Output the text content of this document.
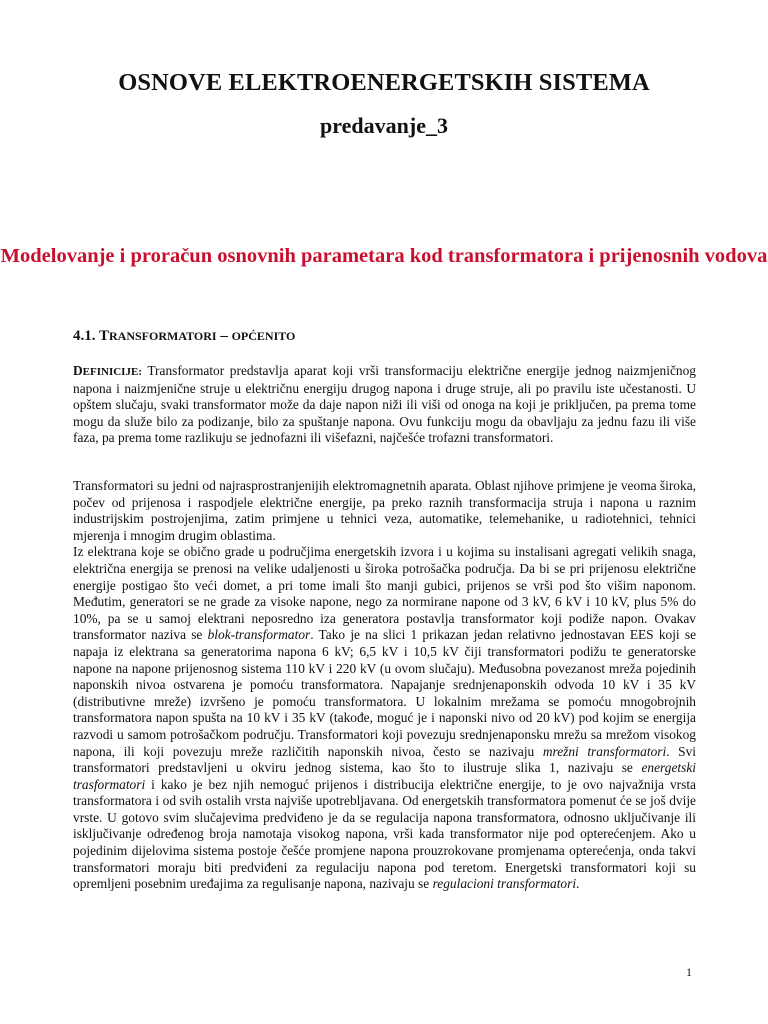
OSNOVE ELEKTROENERGETSKIH SISTEMA
predavanje_3
Modelovanje i proračun osnovnih parametara kod transformatora i prijenosnih vodova
4.1. TRANSFORMATORI – OPĆENITO

DEFINICIJE: Transformator predstavlja aparat koji vrši transformaciju električne energije jednog naizmjeničnog napona i naizmjenične struje u električnu energiju drugog napona i druge struje, ali po pravilu iste učestanosti. U opštem slučaju, svaki transformator može da daje napon niži ili viši od onoga na koji je priključen, pa prema tome mogu da služe bilo za podizanje, bilo za spuštanje napona. Ovu funkciju mogu da obavljaju za jednu fazu ili više faza, pa prema tome razlikuju se jednofazni ili višefazni, najčešće trofazni transformatori.

Transformatori su jedni od najrasprostranjenijih elektromagnetnih aparata. Oblast njihove primjene je veoma široka, počev od prijenosa i raspodjele električne energije, pa preko raznih transformacija struja i napona u raznim industrijskim postrojenjima, zatim primjene u tehnici veza, automatike, telemehanike, u radiotehnici, tehnici mjerenja i mnogim drugim oblastima.
Iz elektrana koje se obično grade u područjima energetskih izvora i u kojima su instalisani agregati velikih snaga, električna energija se prenosi na velike udaljenosti u široka potrošačka područja. Da bi se pri prijenosu električne energije postigao što veći domet, a pri tome imali što manji gubici, prijenos se vrši pod što višim naponom. Međutim, generatori se ne grade za visoke napone, nego za normirane napone od 3 kV, 6 kV i 10 kV, plus 5% do 10%, pa se u samoj elektrani neposredno iza generatora postavlja transformator koji podiže napon. Ovakav transformator naziva se blok-transformator. Tako je na slici 1 prikazan jedan relativno jednostavan EES koji se napaja iz elektrana sa generatorima napona 6 kV; 6,5 kV i 10,5 kV čiji transformatori podižu te generatorske napone na napone prijenosnog sistema 110 kV i 220 kV (u ovom slučaju). Međusobna povezanost mreža pojedinih naponskih nivoa ostvarena je pomoću transformatora. Napajanje srednjenaponskih odvoda 10 kV i 35 kV (distributivne mreže) izvršeno je pomoću transformatora. U lokalnim mrežama se pomoću mnogobrojnih transformatora napon spušta na 10 kV i 35 kV (takođe, moguć je i naponski nivo od 20 kV) pod kojim se energija razvodi u samom potrošačkom području. Transformatori koji povezuju srednjenaponsku mrežu sa mrežom visokog napona, ili koji povezuju mreže različitih naponskih nivoa, često se nazivaju mrežni transformatori. Svi transformatori predstavljeni u okviru jednog sistema, kao što to ilustruje slika 1, nazivaju se energetski trasformatori i kako je bez njih nemoguć prijenos i distribucija električne energije, to je ovo najvažnija vrsta transformatora i od svih ostalih vrsta najviše upotrebljavana. Od energetskih transformatora pomenut će se još dvije vrste. U gotovo svim slučajevima predviđeno je da se regulacija napona transformatora, odnosno uključivanje ili isključivanje određenog broja namotaja visokog napona, vrši kada transformator nije pod opterećenjem. Ako u pojedinim dijelovima sistema postoje češće promjene napona prouzrokovane promjenama opterećenja, onda takvi transformatori moraju biti predviđeni za regulaciju napona pod teretom. Energetski transformatori koji su opremljeni posebnim uređajima za regulisanje napona, nazivaju se regulacioni transformatori.

1
